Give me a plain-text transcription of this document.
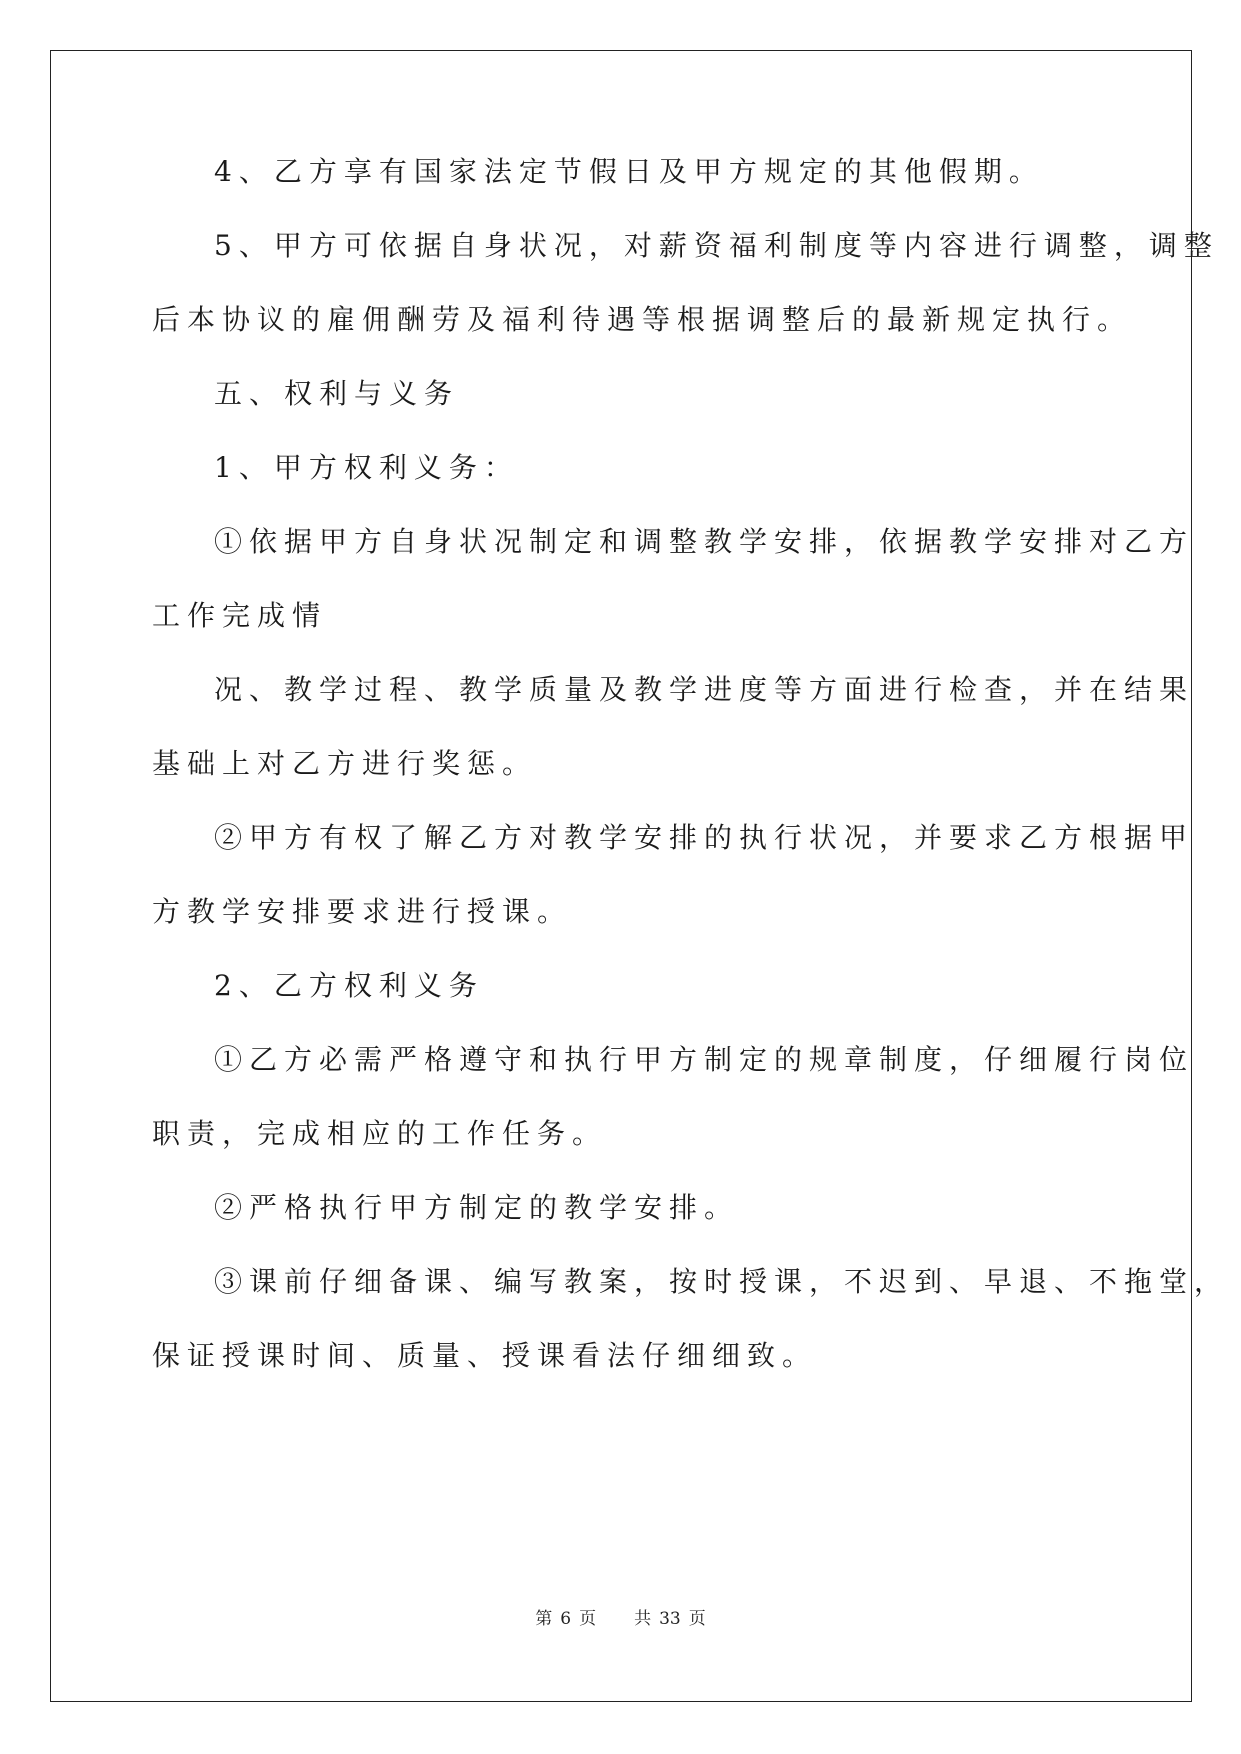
4、乙方享有国家法定节假日及甲方规定的其他假期。
5、甲方可依据自身状况，对薪资福利制度等内容进行调整，调整
后本协议的雇佣酬劳及福利待遇等根据调整后的最新规定执行。
五、权利与义务
1、甲方权利义务：
①依据甲方自身状况制定和调整教学安排，依据教学安排对乙方
工作完成情
况、教学过程、教学质量及教学进度等方面进行检查，并在结果
基础上对乙方进行奖惩。
②甲方有权了解乙方对教学安排的执行状况，并要求乙方根据甲
方教学安排要求进行授课。
2、乙方权利义务
①乙方必需严格遵守和执行甲方制定的规章制度，仔细履行岗位
职责，完成相应的工作任务。
②严格执行甲方制定的教学安排。
③课前仔细备课、编写教案，按时授课，不迟到、早退、不拖堂，
保证授课时间、质量、授课看法仔细细致。
第 6 页 共 33 页
